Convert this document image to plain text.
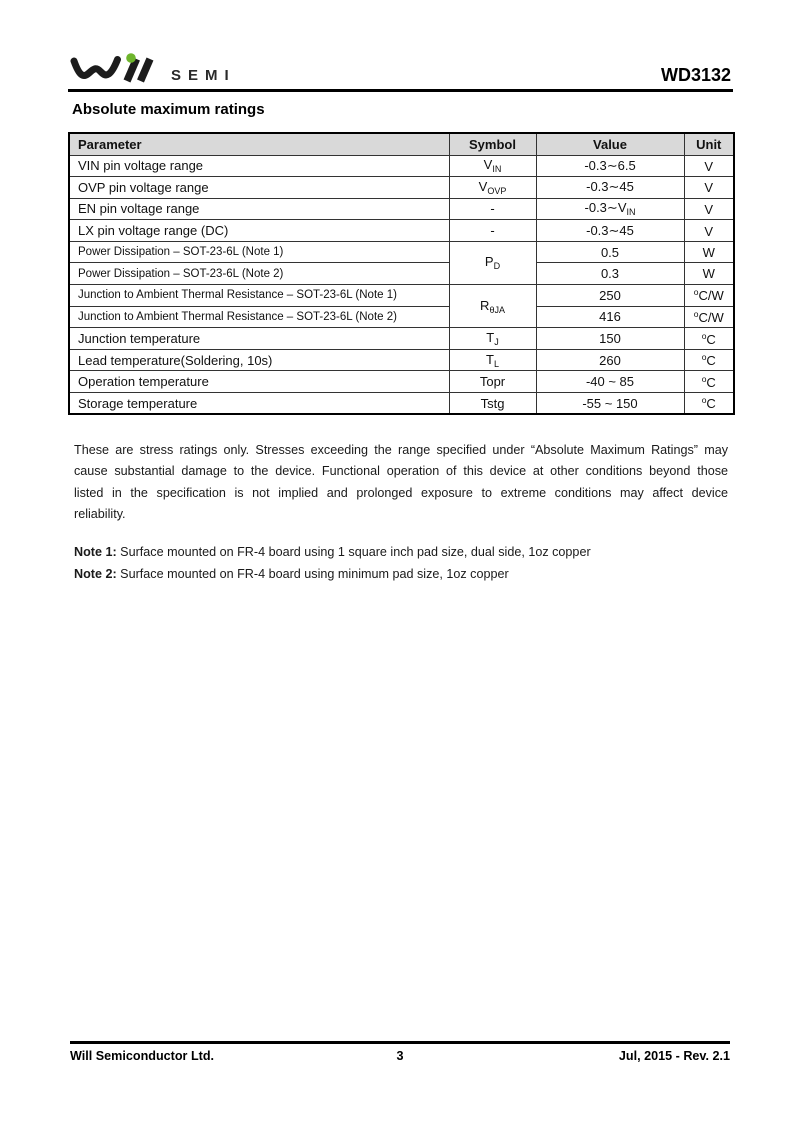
SEMI	WD3132
Absolute maximum ratings
Parameter	Symbol	Value	Unit
VIN pin voltage range	$V_{IN}$	-0.3∼6.5	V
OVP pin voltage range	$V_{OVP}$	-0.3∼45	V
EN pin voltage range	-	$-0.3\sim V_{IN}$	V
LX pin voltage range (DC)	-	-0.3∼45	V
Power Dissipation – SOT-23-6L (Note 1)	$P_D$	0.5	W
Power Dissipation – SOT-23-6L (Note 2)		0.3	W
Junction to Ambient Thermal Resistance – SOT-23-6L (Note 1)	$R_{\theta JA}$	250	$^o$C/W
Junction to Ambient Thermal Resistance – SOT-23-6L (Note 2)		416	$^o$C/W
Junction temperature	$T_J$	150	$^o$C
Lead temperature(Soldering, 10s)	$T_L$	260	$^o$C
Operation temperature	Topr	-40 ~ 85	$^o$C
Storage temperature	Tstg	-55 ~ 150	$^o$C

These are stress ratings only. Stresses exceeding the range specified under “Absolute Maximum Ratings” may cause substantial damage to the device. Functional operation of this device at other conditions beyond those listed in the specification is not implied and prolonged exposure to extreme conditions may affect device reliability.

Note 1: Surface mounted on FR-4 board using 1 square inch pad size, dual side, 1oz copper

Note 2: Surface mounted on FR-4 board using minimum pad size, 1oz copper

Will Semiconductor Ltd.	3	Jul, 2015 - Rev. 2.1
